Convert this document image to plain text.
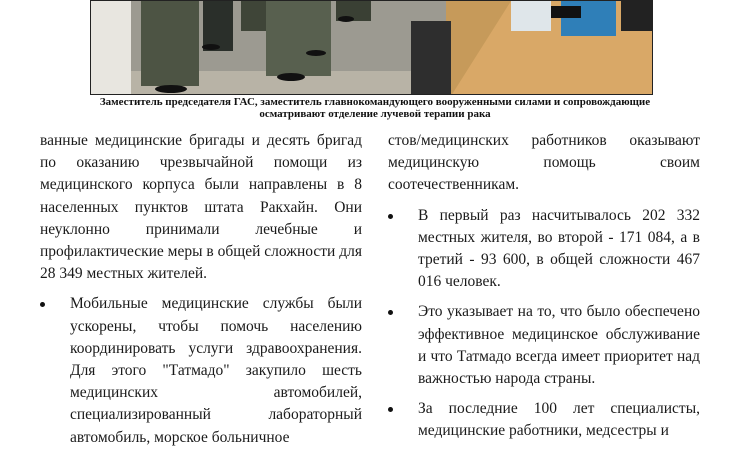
Заместитель председателя ГАС, заместитель главнокомандующего вооруженными силами и сопровождающие
осматривают отделение лучевой терапии рака

ванные медицинские бригады и десять бригад по оказанию чрезвычайной помощи из медицинского корпуса были направлены в 8 населенных пунктов штата Ракхайн. Они неуклонно принимали лечебные и профилактические меры в общей сложности для 28 349 местных жителей.

Мобильные медицинские службы были ускорены, чтобы помочь населению координировать услуги здравоохранения. Для этого "Татмадо" закупило шесть медицинских автомобилей, специализированный лабораторный автомобиль, морское больничное

стов/медицинских работников оказывают медицинскую помощь своим соотечественникам.

В первый раз насчитывалось 202 332 местных жителя, во второй - 171 084, а в третий - 93 600, в общей сложности 467 016 человек.
Это указывает на то, что было обеспечено эффективное медицинское обслуживание и что Татмадо всегда имеет приоритет над важностью народа страны.
За последние 100 лет специалисты, медицинские работники, медсестры и
